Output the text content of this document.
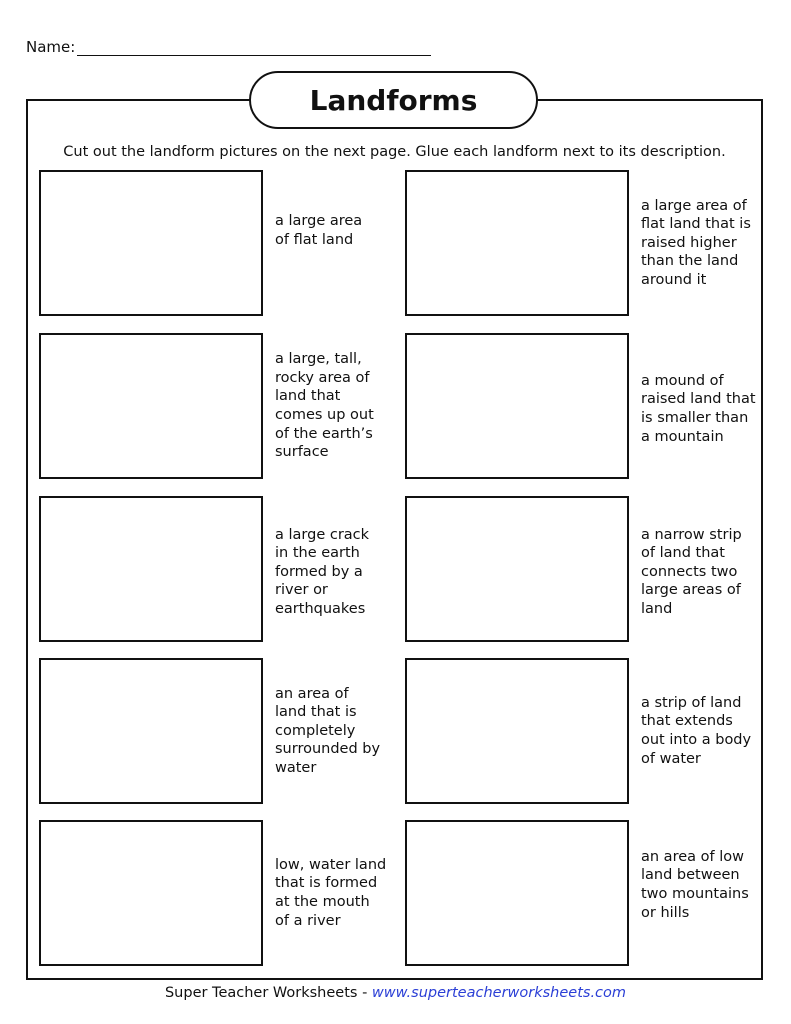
Name:
Landforms
Cut out the landform pictures on the next page. Glue each landform next to its description.
a large area
of flat land
a large area of
flat land that is
raised higher
than the land
around it
a large, tall,
rocky area of
land that
comes up out
of the earth’s
surface
a mound of
raised land that
is smaller than
a mountain
a large crack
in the earth
formed by a
river or
earthquakes
a narrow strip
of land that
connects two
large areas of
land
an area of
land that is
completely
surrounded by
water
a strip of land
that extends
out into a body
of water
low, water land
that is formed
at the mouth
of a river
an area of low
land between
two mountains
or hills
Super Teacher Worksheets - www.superteacherworksheets.com
